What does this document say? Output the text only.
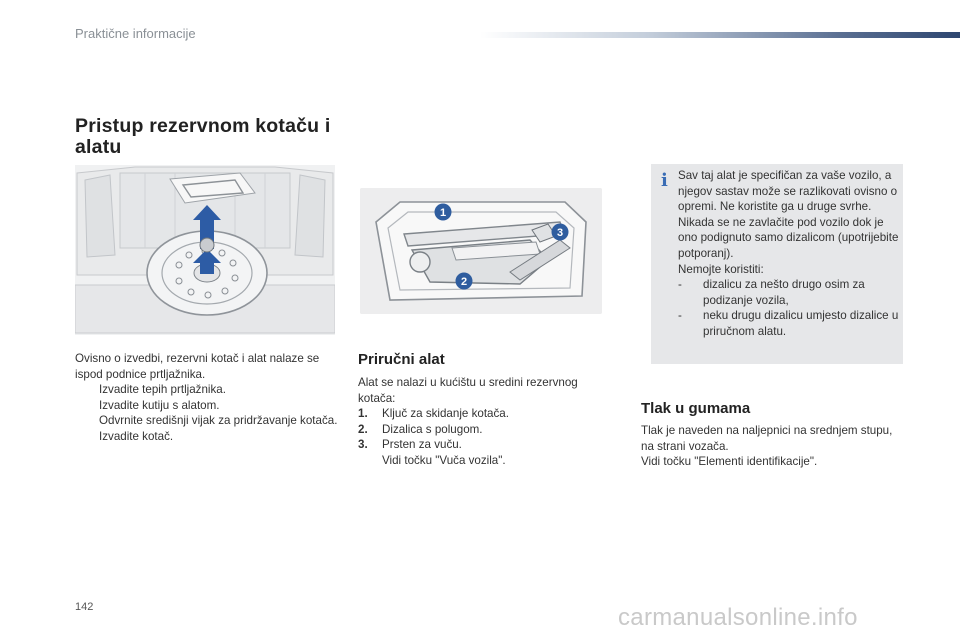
Praktične informacije
Pristup rezervnom kotaču i
alatu
1
2
3

Ovisno o izvedbi, rezervni kotač i alat nalaze se ispod podnice prtljažnika.

Izvadite tepih prtljažnika.
Izvadite kutiju s alatom.
Odvrnite središnji vijak za pridržavanje kotača.
Izvadite kotač.
Priručni alat

Alat se nalazi u kućištu u sredini rezervnog kotača:

1.	Ključ za skidanje kotača.
2.	Dizalica s polugom.
3.	Prsten za vuču.

Vidi točku "Vuča vozila".

i Sav taj alat je specifičan za vaše vozilo, a njegov sastav može se razlikovati ovisno o opremi. Ne koristite ga u druge svrhe.

Nikada se ne zavlačite pod vozilo dok je ono podignuto samo dizalicom (upotrijebite potporanj).

Nemojte koristiti:

- dizalicu za nešto drugo osim za podizanje vozila,
- neku drugu dizalicu umjesto dizalice u priručnom alatu.
Tlak u gumama

Tlak je naveden na naljepnici na srednjem stupu, na strani vozača.

Vidi točku "Elementi identifikacije".

142	carmanualsonline.info
